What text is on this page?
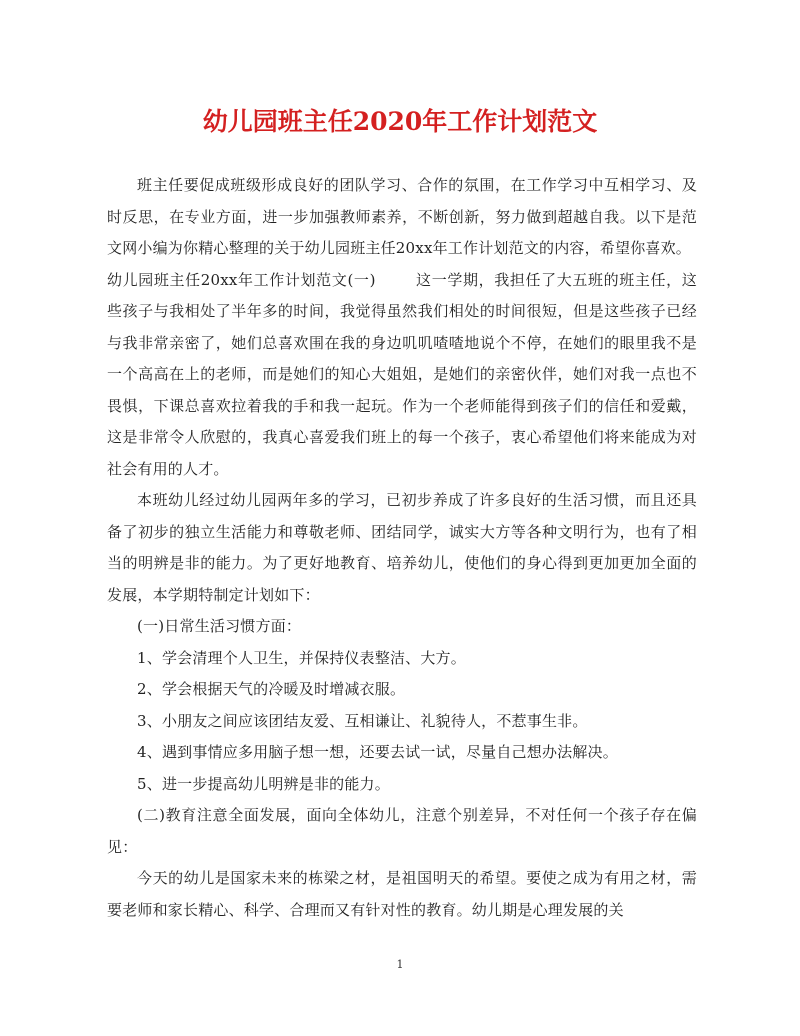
幼儿园班主任2020年工作计划范文

班主任要促成班级形成良好的团队学习、合作的氛围，在工作学习中互相学习、及时反思，在专业方面，进一步加强教师素养，不断创新，努力做到超越自我。以下是范文网小编为你精心整理的关于幼儿园班主任20xx年工作计划范文的内容，希望你喜欢。

幼儿园班主任20xx年工作计划范文(一)	这一学期，我担任了大五班的班主任，这些孩子与我相处了半年多的时间，我觉得虽然我们相处的时间很短，但是这些孩子已经与我非常亲密了，她们总喜欢围在我的身边叽叽喳喳地说个不停，在她们的眼里我不是一个高高在上的老师，而是她们的知心大姐姐，是她们的亲密伙伴，她们对我一点也不畏惧，下课总喜欢拉着我的手和我一起玩。作为一个老师能得到孩子们的信任和爱戴，这是非常令人欣慰的，我真心喜爱我们班上的每一个孩子，衷心希望他们将来能成为对社会有用的人才。

本班幼儿经过幼儿园两年多的学习，已初步养成了许多良好的生活习惯，而且还具备了初步的独立生活能力和尊敬老师、团结同学，诚实大方等各种文明行为，也有了相当的明辨是非的能力。为了更好地教育、培养幼儿，使他们的身心得到更加更加全面的发展，本学期特制定计划如下：

(一)日常生活习惯方面：

1、学会清理个人卫生，并保持仪表整洁、大方。

2、学会根据天气的冷暖及时增减衣服。

3、小朋友之间应该团结友爱、互相谦让、礼貌待人，不惹事生非。

4、遇到事情应多用脑子想一想，还要去试一试，尽量自己想办法解决。

5、进一步提高幼儿明辨是非的能力。

(二)教育注意全面发展，面向全体幼儿，注意个别差异，不对任何一个孩子存在偏见：

今天的幼儿是国家未来的栋梁之材，是祖国明天的希望。要使之成为有用之材，需要老师和家长精心、科学、合理而又有针对性的教育。幼儿期是心理发展的关

1
